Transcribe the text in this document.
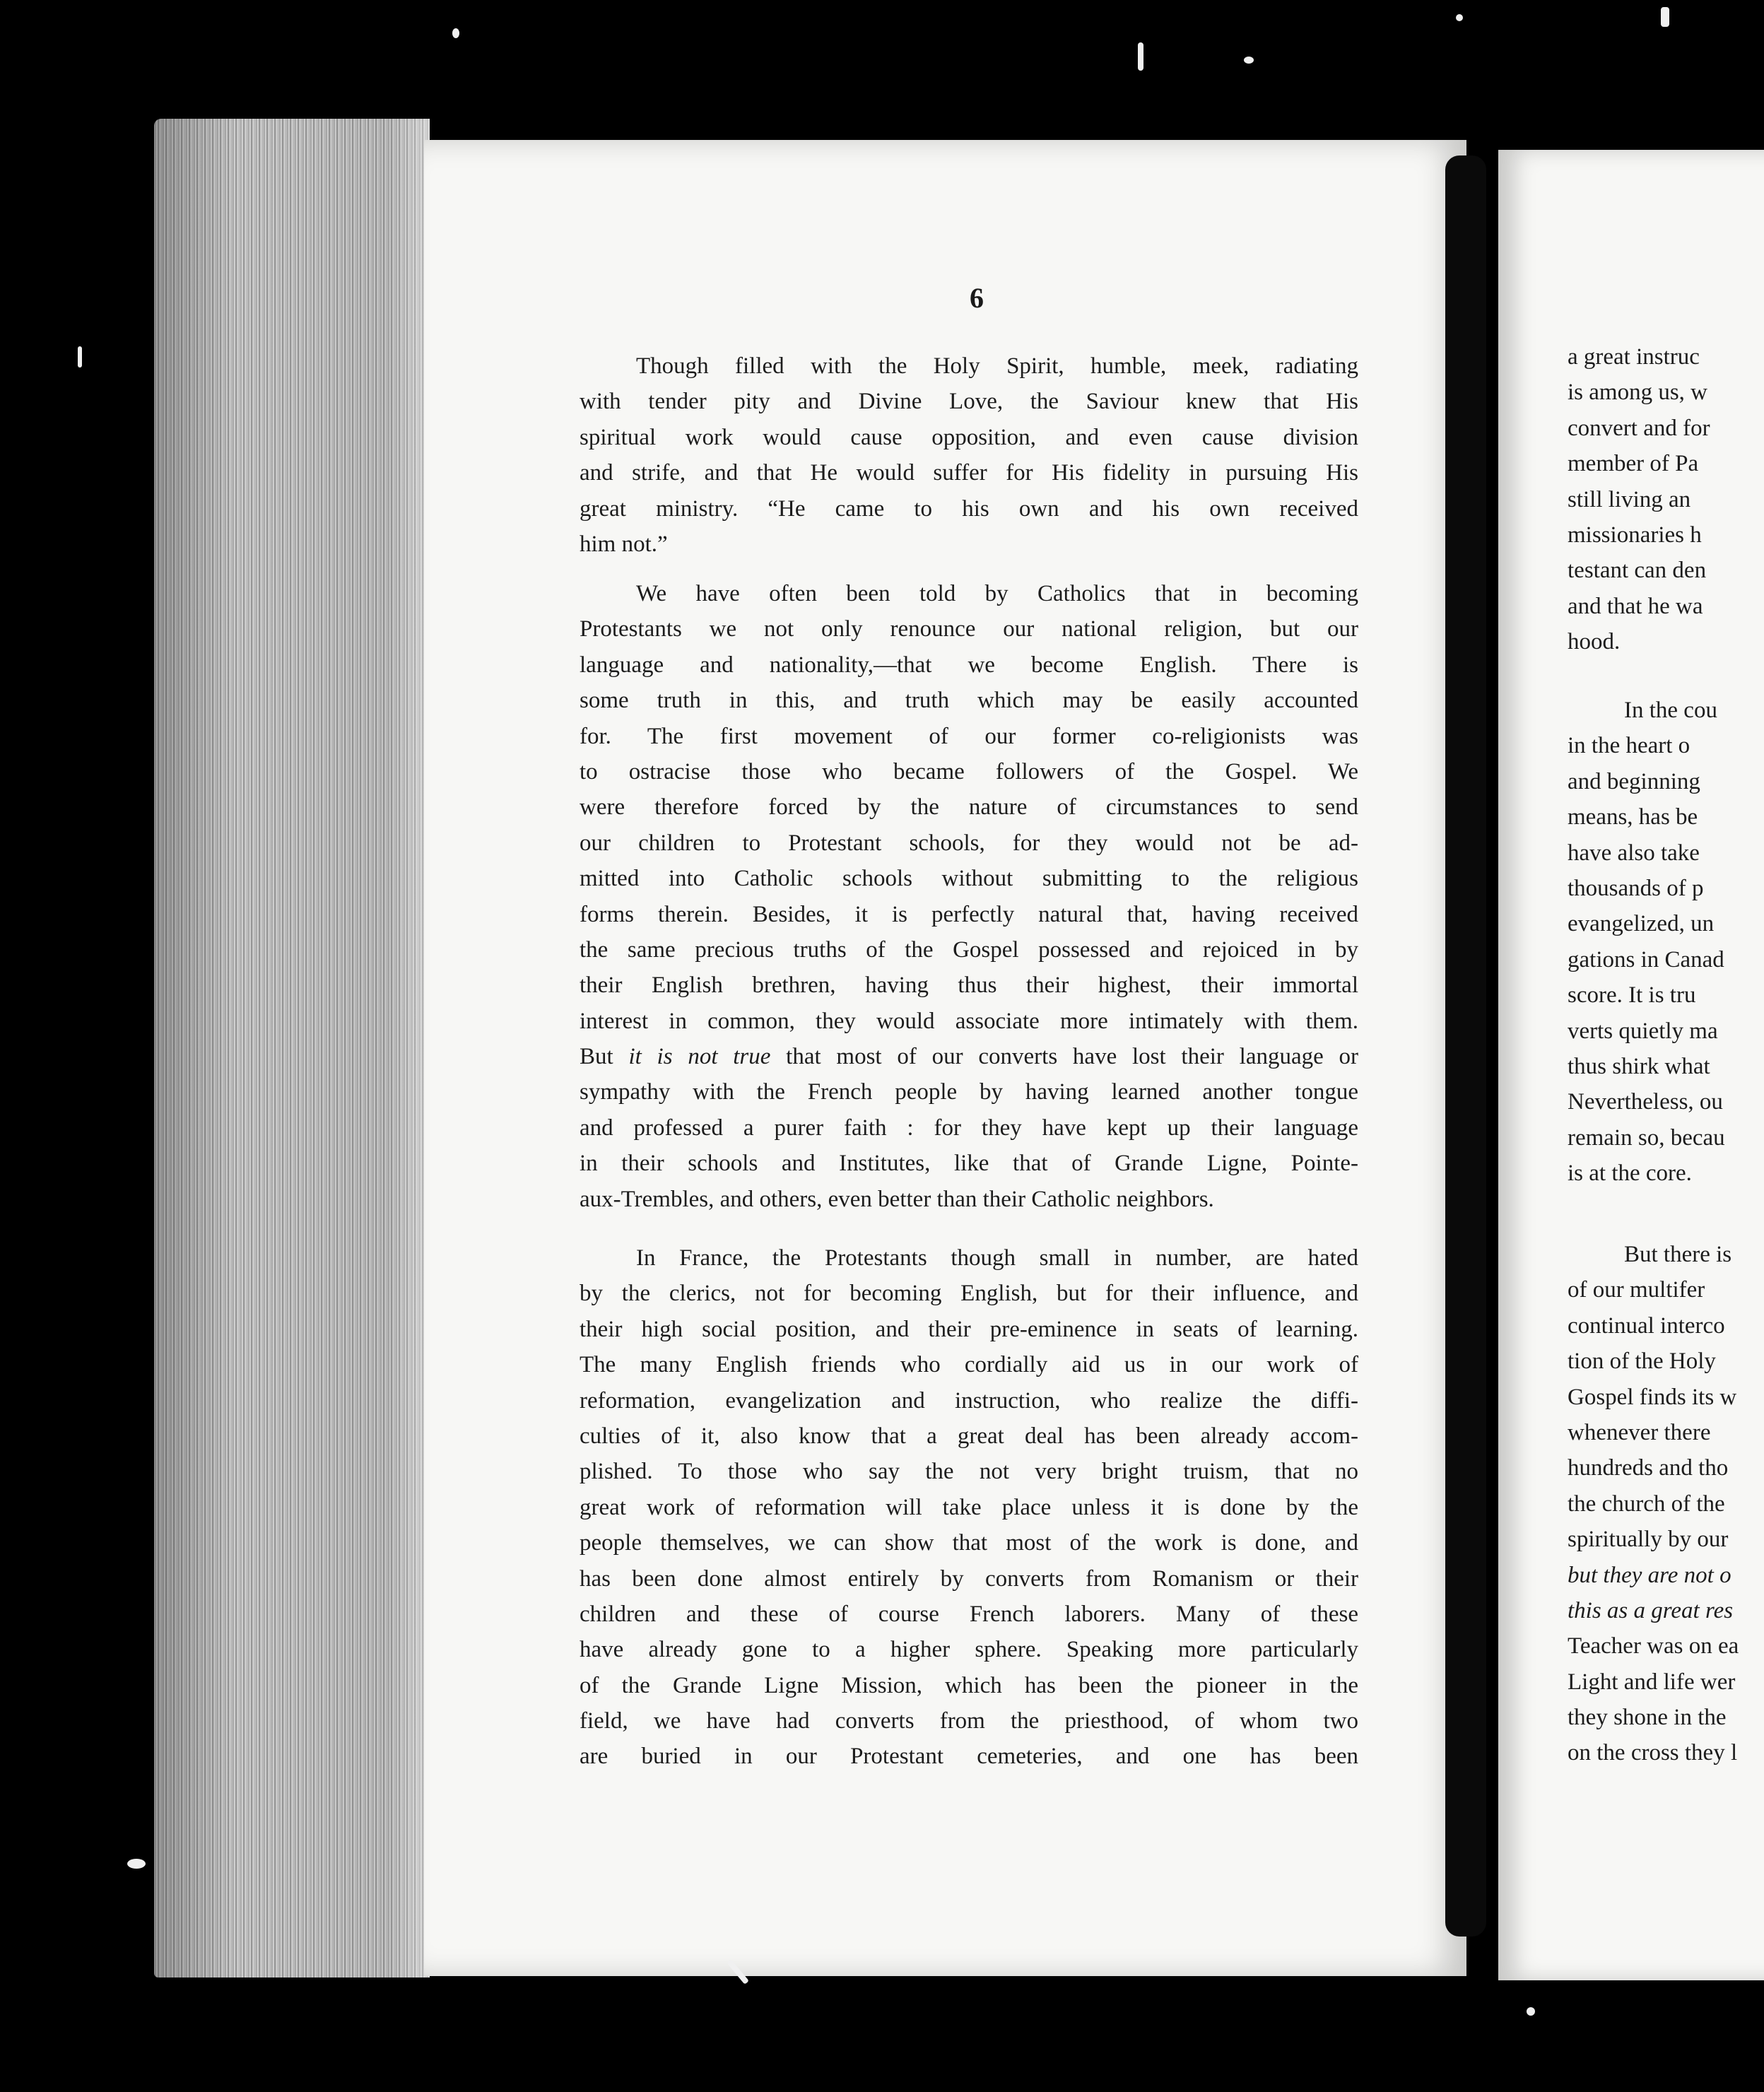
6
Though filled with the Holy Spirit, humble, meek, radiating
with tender pity and Divine Love, the Saviour knew that His
spiritual work would cause opposition, and even cause division
and strife, and that He would suffer for His fidelity in pursuing His
great ministry. “He came to his own and his own received
him not.”
We have often been told by Catholics that in becoming
Protestants we not only renounce our national religion, but our
language and nationality,—that we become English. There is
some truth in this, and truth which may be easily accounted
for. The first movement of our former co-religionists was
to ostracise those who became followers of the Gospel. We
were therefore forced by the nature of circumstances to send
our children to Protestant schools, for they would not be ad-
mitted into Catholic schools without submitting to the religious
forms therein. Besides, it is perfectly natural that, having received
the same precious truths of the Gospel possessed and rejoiced in by
their English brethren, having thus their highest, their immortal
interest in common, they would associate more intimately with them.
But it is not true that most of our converts have lost their language or
sympathy with the French people by having learned another tongue
and professed a purer faith : for they have kept up their language
in their schools and Institutes, like that of Grande Ligne, Pointe-
aux-Trembles, and others, even better than their Catholic neighbors.
In France, the Protestants though small in number, are hated
by the clerics, not for becoming English, but for their influence, and
their high social position, and their pre-eminence in seats of learning.
The many English friends who cordially aid us in our work of
reformation, evangelization and instruction, who realize the diffi-
culties of it, also know that a great deal has been already accom-
plished. To those who say the not very bright truism, that no
great work of reformation will take place unless it is done by the
people themselves, we can show that most of the work is done, and
has been done almost entirely by converts from Romanism or their
children and these of course French laborers. Many of these
have already gone to a higher sphere. Speaking more particularly
of the Grande Ligne Mission, which has been the pioneer in the
field, we have had converts from the priesthood, of whom two
are buried in our Protestant cemeteries, and one has been
a great instruc
is among us, w
convert and for
member of Pa
still living an
missionaries h
testant can den
and that he wa
hood.
In the cou
in the heart o
and beginning
means, has be
have also take
thousands of p
evangelized, un
gations in Canad
score. It is tru
verts quietly ma
thus shirk what
Nevertheless, ou
remain so, becau
is at the core.
But there is
of our multifer
continual interco
tion of the Holy
Gospel finds its w
whenever there
hundreds and tho
the church of the
spiritually by our
but they are not o
this as a great res
Teacher was on ea
Light and life wer
they shone in the
on the cross they l
